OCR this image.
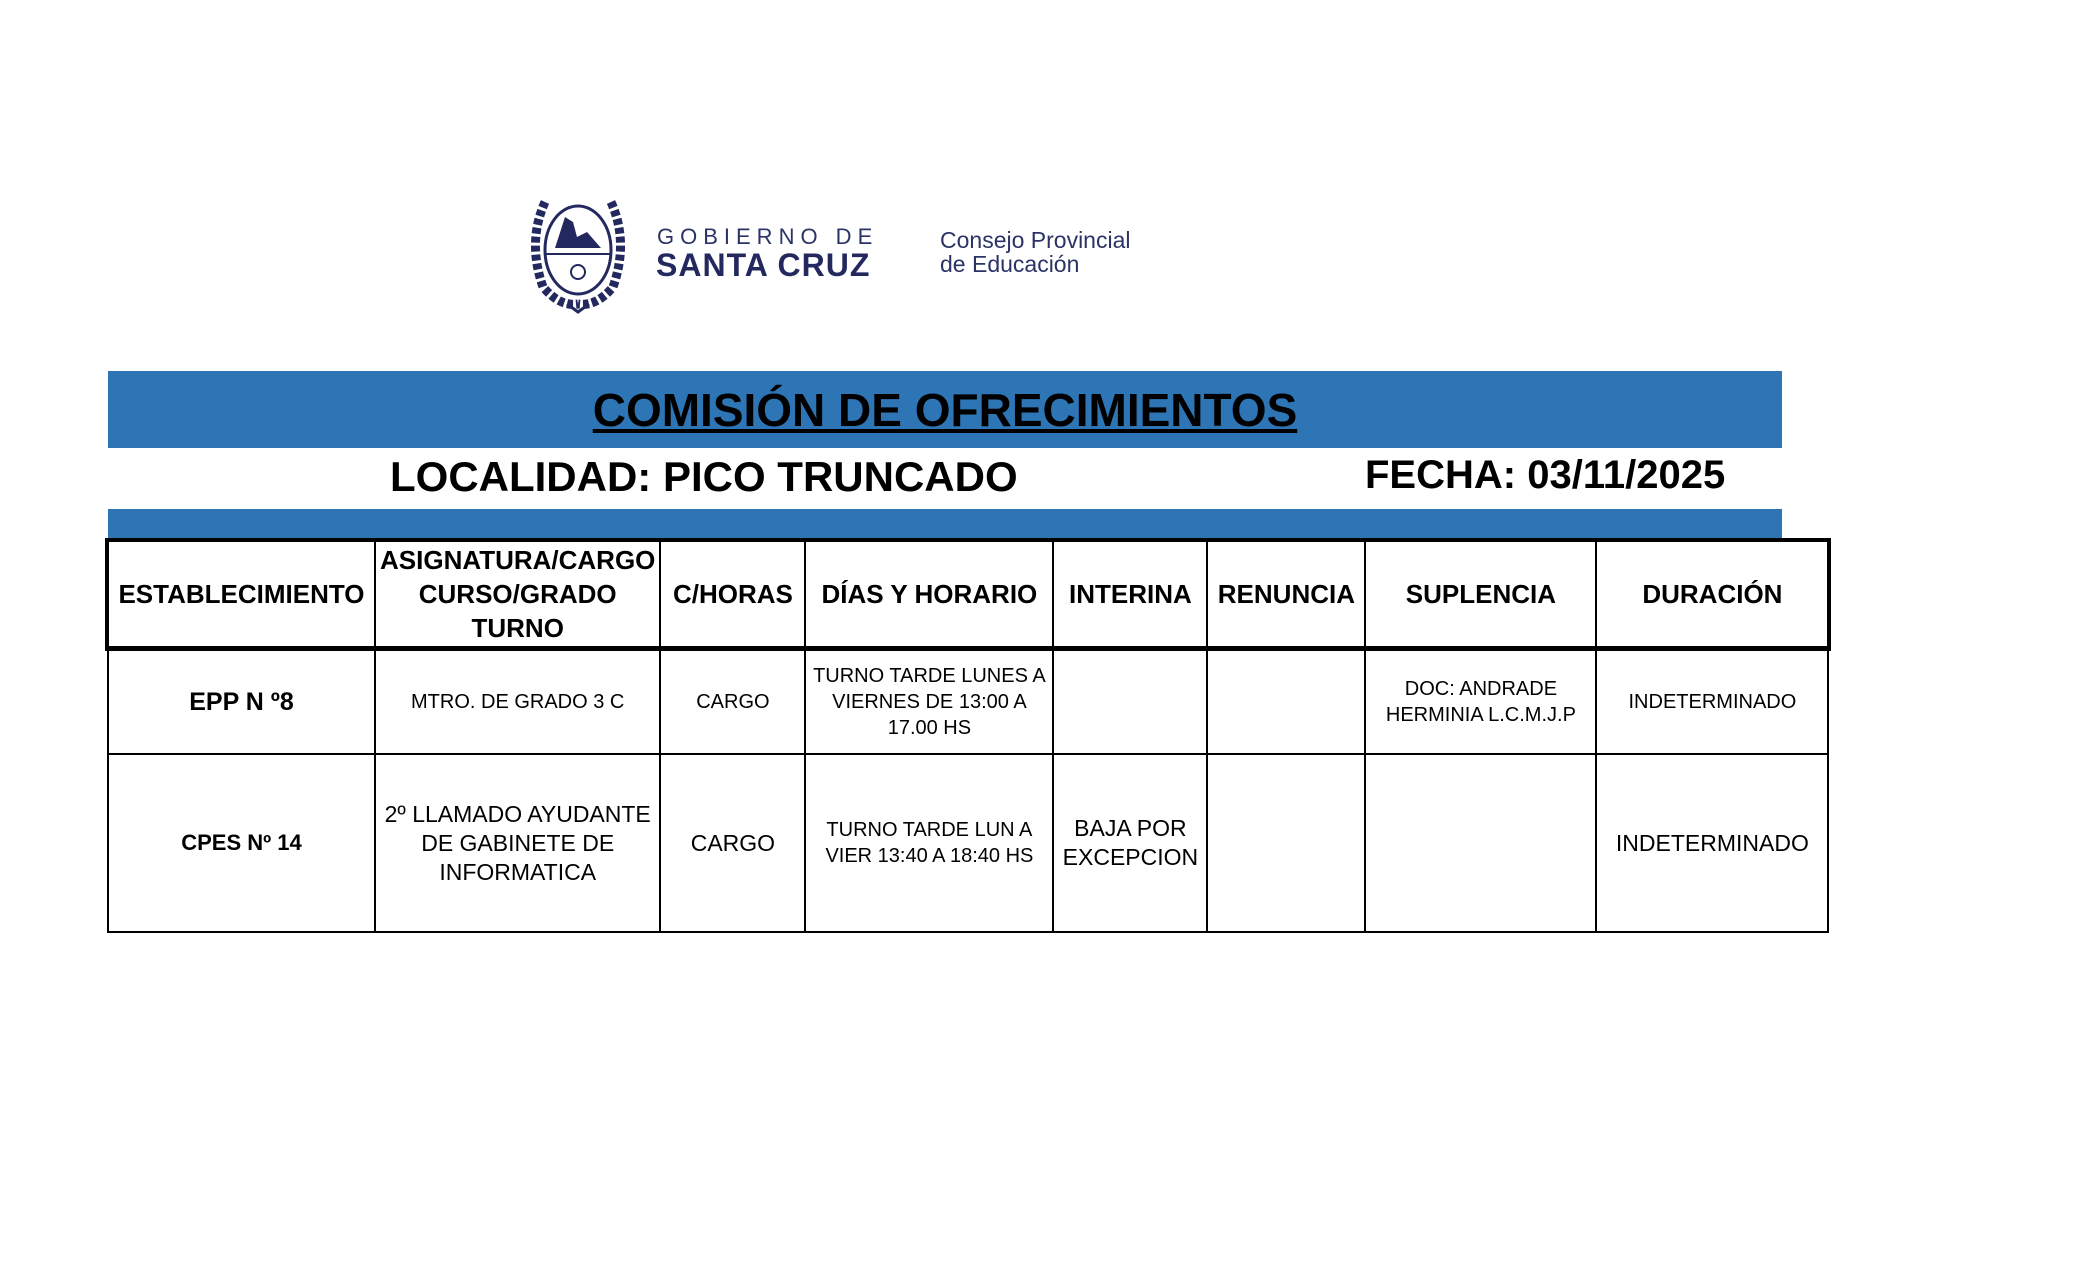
GOBIERNO DE
SANTA CRUZ
Consejo Provincial
de Educación
COMISIÓN DE OFRECIMIENTOS
LOCALIDAD: PICO TRUNCADO	FECHA: 03/11/2025
ESTABLECIMIENTO	ASIGNATURA/CARGO CURSO/GRADO TURNO	C/HORAS	DÍAS Y HORARIO	INTERINA	RENUNCIA	SUPLENCIA	DURACIÓN
EPP N º8	MTRO. DE GRADO 3 C	CARGO	TURNO TARDE LUNES A VIERNES DE 13:00 A 17.00 HS			DOC: ANDRADE HERMINIA L.C.M.J.P	INDETERMINADO
CPES Nº 14	2º LLAMADO AYUDANTE DE GABINETE DE INFORMATICA	CARGO	TURNO TARDE LUN A VIER 13:40 A 18:40 HS	BAJA POR EXCEPCION			INDETERMINADO
